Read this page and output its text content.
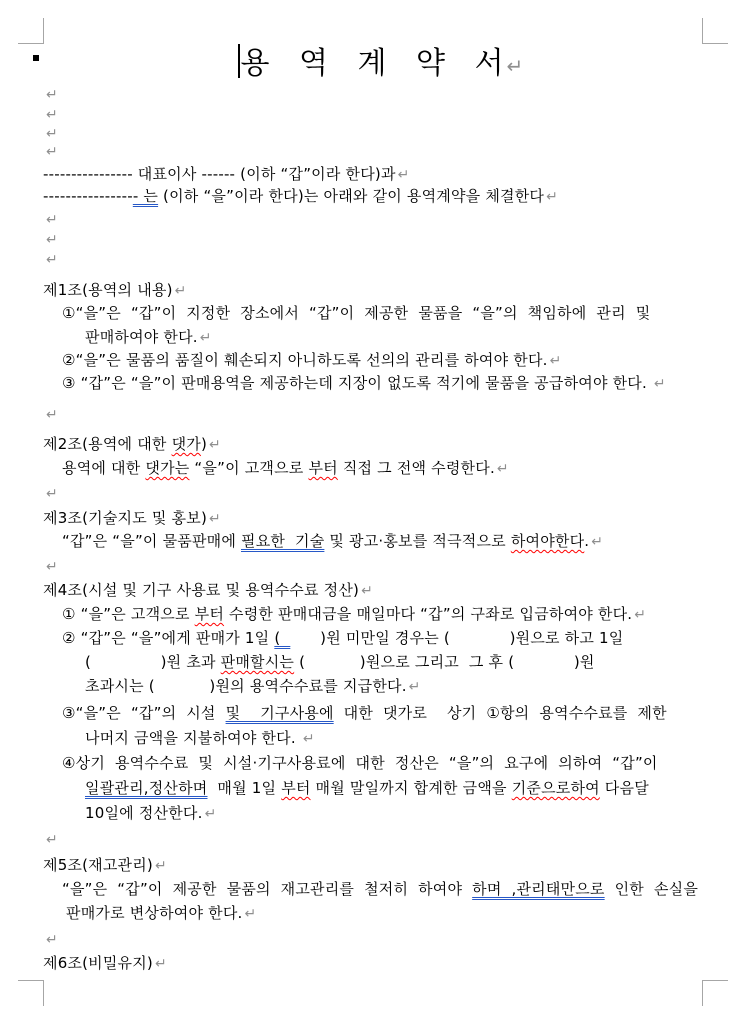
용 역 계 약 서 ↵
↵
↵
↵
↵
---------------- 대표이사 ------ (이하 “갑”이라 한다)과 ↵
----------------- 는 (이하 “을”이라 한다)는 아래와 같이 용역계약을 체결한다 ↵
↵
↵
↵
제1조(용역의 내용) ↵
①“을”은 “갑”이 지정한 장소에서 “갑”이 제공한 물품을 “을”의 책임하에 관리 및
판매하여야 한다. ↵
②“을”은 물품의 품질이 훼손되지 아니하도록 선의의 관리를 하여야 한다. ↵
③ “갑”은 “을”이 판매용역을 제공하는데 지장이 없도록 적기에 물품을 공급하여야 한다. ↵
↵
제2조(용역에 대한 댓가) ↵
용역에 대한 댓가는 “을”이 고객으로 부터 직접 그 전액 수령한다. ↵
↵
제3조(기술지도 및 홍보) ↵
“갑”은 “을”이 물품판매에 필요한  기술 및 광고·홍보를 적극적으로 하여야한다. ↵
↵
제4조(시설 및 기구 사용료 및 용역수수료 정산) ↵
① “을”은 고객으로 부터 수령한 판매대금을 매일마다 “갑”의 구좌로 입금하여야 한다. ↵
② “갑”은 “을”에게 판매가 1일 (        )원 미만일 경우는 (            )원으로 하고 1일
(              )원 초과 판매할시는 (           )원으로 그리고  그 후 (            )원
초과시는 (           )원의 용역수수료를 지급한다. ↵
③“을”은 “갑”의 시설 및  기구사용에 대한 댓가로  상기 ①항의 용역수수료를 제한
나머지 금액을 지불하여야 한다. ↵
④상기 용역수수료 및 시설·기구사용료에 대한 정산은 “을”의 요구에 의하여 “갑”이
일괄관리,정산하며  매월 1일 부터 매월 말일까지 합계한 금액을 기준으로하여 다음달
10일에 정산한다. ↵
↵
제5조(재고관리) ↵
“을”은 “갑”이 제공한 물품의 재고관리를 철저히 하여야 하며 ,관리태만으로 인한 손실을
판매가로 변상하여야 한다. ↵
↵
제6조(비밀유지) ↵
